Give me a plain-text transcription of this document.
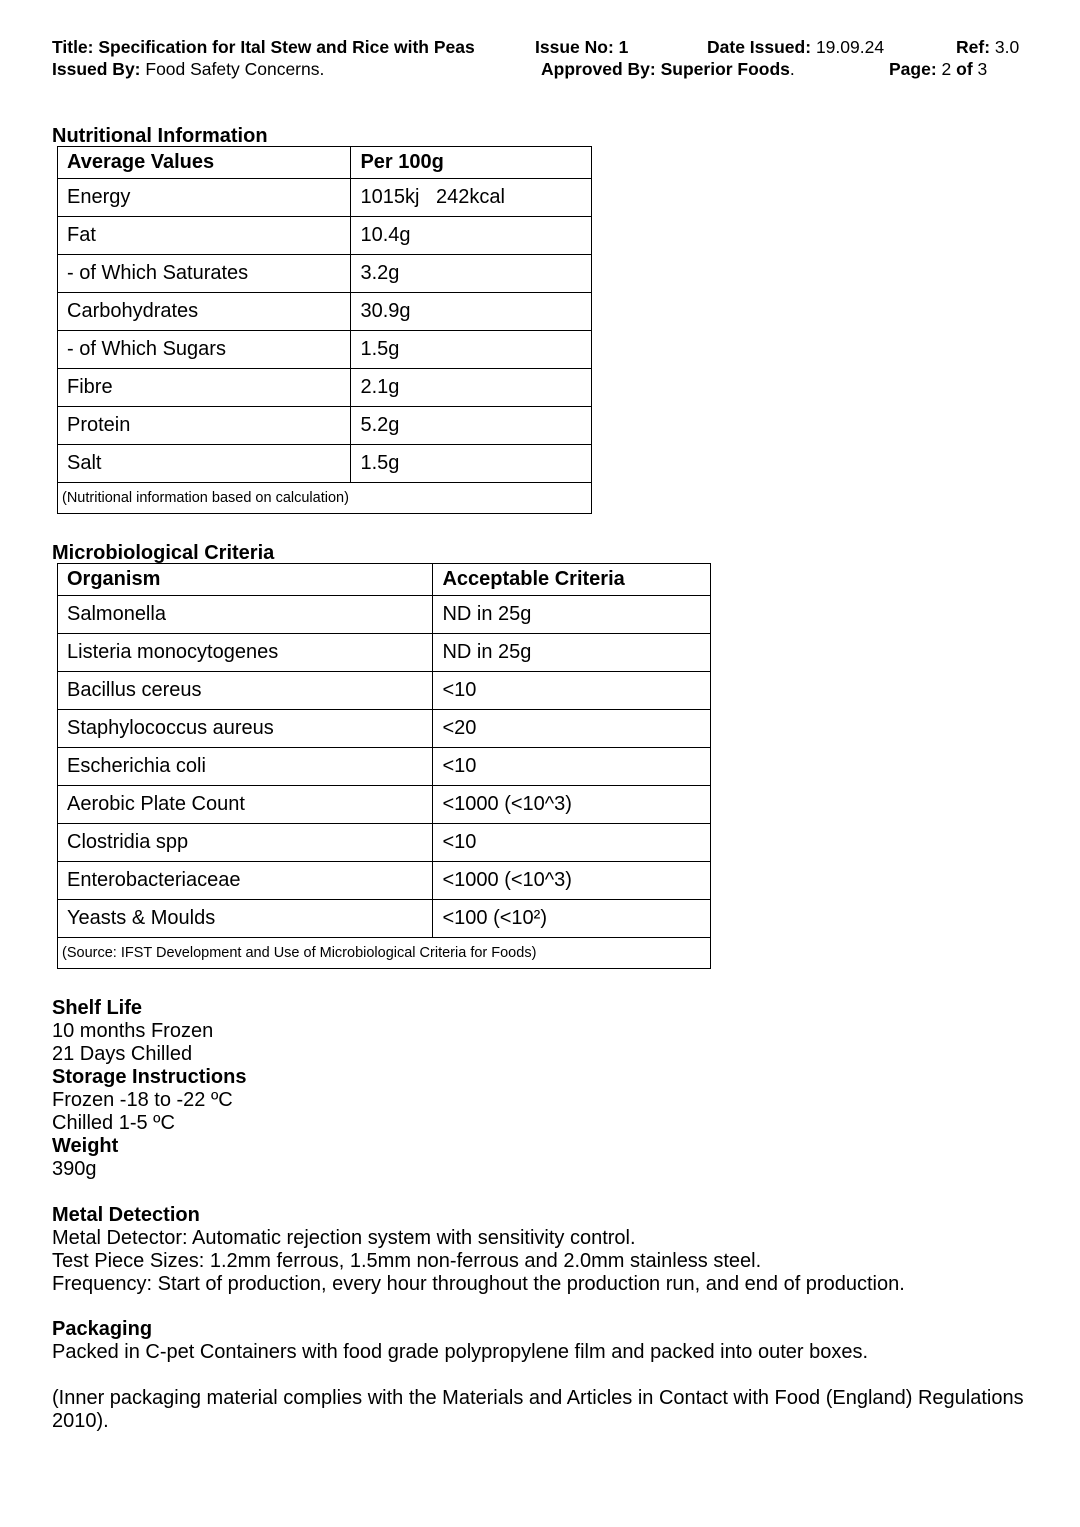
Title: Specification for Ital Stew and Rice with Peas	Issue No: 1	Date Issued: 19.09.24	Ref: 3.0
Issued By: Food Safety Concerns.	Approved By: Superior Foods.	Page: 2 of 3
Nutritional Information
Average Values	Per 100g
Energy	1015kj   242kcal
Fat	10.4g
- of Which Saturates	3.2g
Carbohydrates	30.9g
- of Which Sugars	1.5g
Fibre	2.1g
Protein	5.2g
Salt	1.5g
(Nutritional information based on calculation)	
Microbiological Criteria
Organism	Acceptable Criteria
Salmonella	ND in 25g
Listeria monocytogenes	ND in 25g
Bacillus cereus	<10
Staphylococcus aureus	<20
Escherichia coli	<10
Aerobic Plate Count	<1000 (<10^3)
Clostridia spp	<10
Enterobacteriaceae	<1000 (<10^3)
Yeasts & Moulds	<100 (<10²)
(Source: IFST Development and Use of Microbiological Criteria for Foods)	
Shelf Life
10 months Frozen
21 Days Chilled
Storage Instructions
Frozen -18 to -22 ºC
Chilled 1-5 ºC
Weight
390g
Metal Detection
Metal Detector: Automatic rejection system with sensitivity control.
Test Piece Sizes: 1.2mm ferrous, 1.5mm non-ferrous and 2.0mm stainless steel.
Frequency: Start of production, every hour throughout the production run, and end of production.
Packaging
Packed in C-pet Containers with food grade polypropylene film and packed into outer boxes.
(Inner packaging material complies with the Materials and Articles in Contact with Food (England) Regulations
2010).
